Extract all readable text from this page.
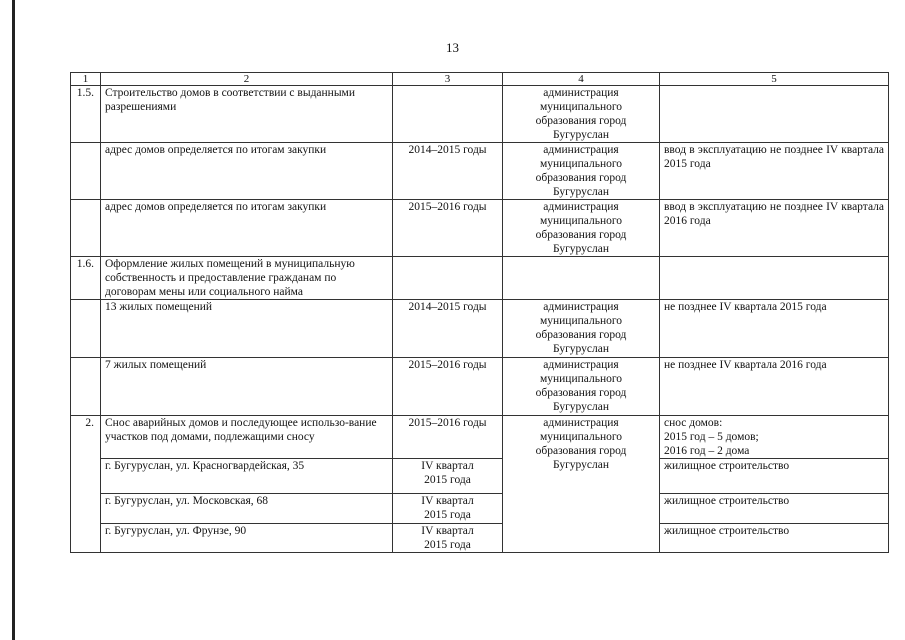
13
1	2	3	4	5
1.5.	Строительство домов в соответствии с выданными разрешениями		администрация
муниципального
образования город
Бугуруслан	
	адрес домов определяется по итогам закупки	2014–2015 годы	администрация
муниципального
образования город
Бугуруслан	ввод в эксплуатацию не позднее IV квартала 2015 года
	адрес домов определяется по итогам закупки	2015–2016 годы	администрация
муниципального
образования город
Бугуруслан	ввод в эксплуатацию не позднее IV квартала 2016 года
1.6.	Оформление жилых помещений в муниципальную собственность и предоставление гражданам по договорам мены или социального найма			
	13 жилых помещений	2014–2015 годы	администрация
муниципального
образования город
Бугуруслан	не позднее IV квартала 2015 года
	7 жилых помещений	2015–2016 годы	администрация
муниципального
образования город
Бугуруслан	не позднее IV квартала 2016 года
2.	Снос аварийных домов и последующее использо-вание участков под домами, подлежащими сносу	2015–2016 годы	администрация
муниципального
образования город
Бугуруслан	снос домов:
2015 год – 5 домов;
2016 год – 2 дома
	г. Бугуруслан, ул. Красногвардейская, 35	IV квартал
2015 года		жилищное строительство
	г. Бугуруслан, ул. Московская, 68	IV квартал
2015 года		жилищное строительство
	г. Бугуруслан, ул. Фрунзе, 90	IV квартал
2015 года		жилищное строительство
